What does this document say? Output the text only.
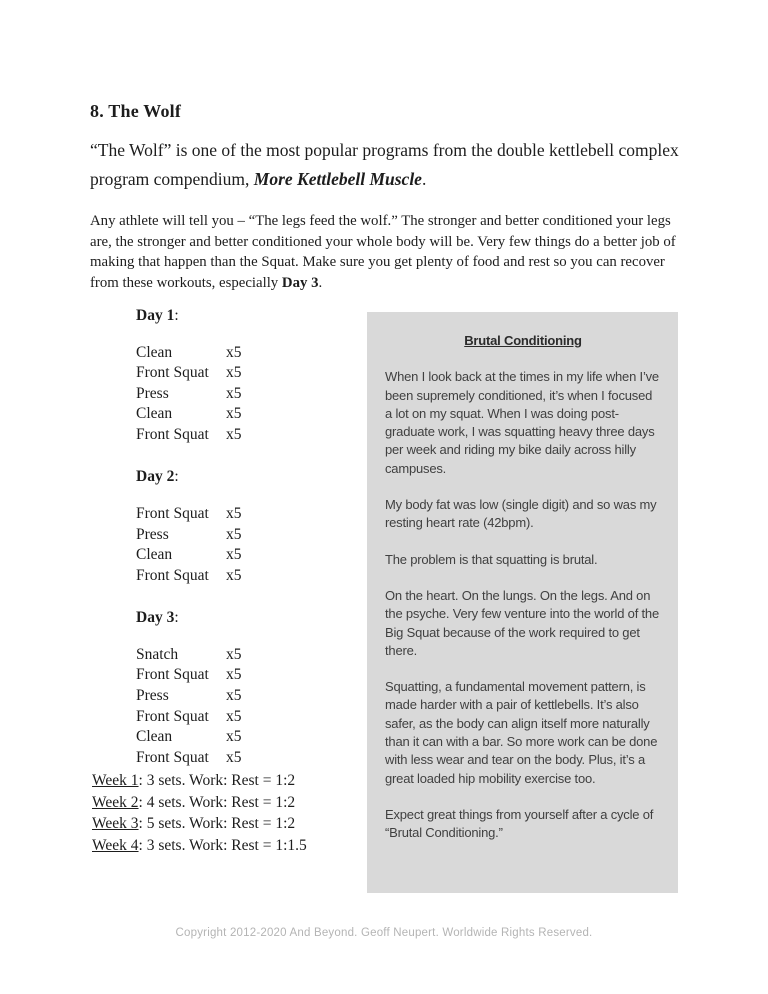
8. The Wolf

“The Wolf” is one of the most popular programs from the double kettlebell complex program compendium, More Kettlebell Muscle.

Any athlete will tell you – “The legs feed the wolf.” The stronger and better conditioned your legs are, the stronger and better conditioned your whole body will be. Very few things do a better job of making that happen than the Squat. Make sure you get plenty of food and rest so you can recover from these workouts, especially Day 3.

Day 1:

Clean	x5
Front Squat	x5
Press	x5
Clean	x5
Front Squat	x5

Day 2:

Front Squat	x5
Press	x5
Clean	x5
Front Squat	x5

Day 3:

Snatch	x5
Front Squat	x5
Press	x5
Front Squat	x5
Clean	x5
Front Squat	x5
Week 1: 3 sets. Work: Rest = 1:2
Week 2: 4 sets. Work: Rest = 1:2
Week 3: 5 sets. Work: Rest = 1:2
Week 4: 3 sets. Work: Rest = 1:1.5

Brutal Conditioning

When I look back at the times in my life when I’ve been supremely conditioned, it’s when I focused a lot on my squat. When I was doing post-graduate work, I was squatting heavy three days per week and riding my bike daily across hilly campuses.

My body fat was low (single digit) and so was my resting heart rate (42bpm).

The problem is that squatting is brutal.

On the heart. On the lungs. On the legs. And on the psyche. Very few venture into the world of the Big Squat because of the work required to get there.

Squatting, a fundamental movement pattern, is made harder with a pair of kettlebells. It’s also safer, as the body can align itself more naturally than it can with a bar. So more work can be done with less wear and tear on the body. Plus, it’s a great loaded hip mobility exercise too.

Expect great things from yourself after a cycle of “Brutal Conditioning.”

Copyright 2012-2020 And Beyond. Geoff Neupert. Worldwide Rights Reserved.
